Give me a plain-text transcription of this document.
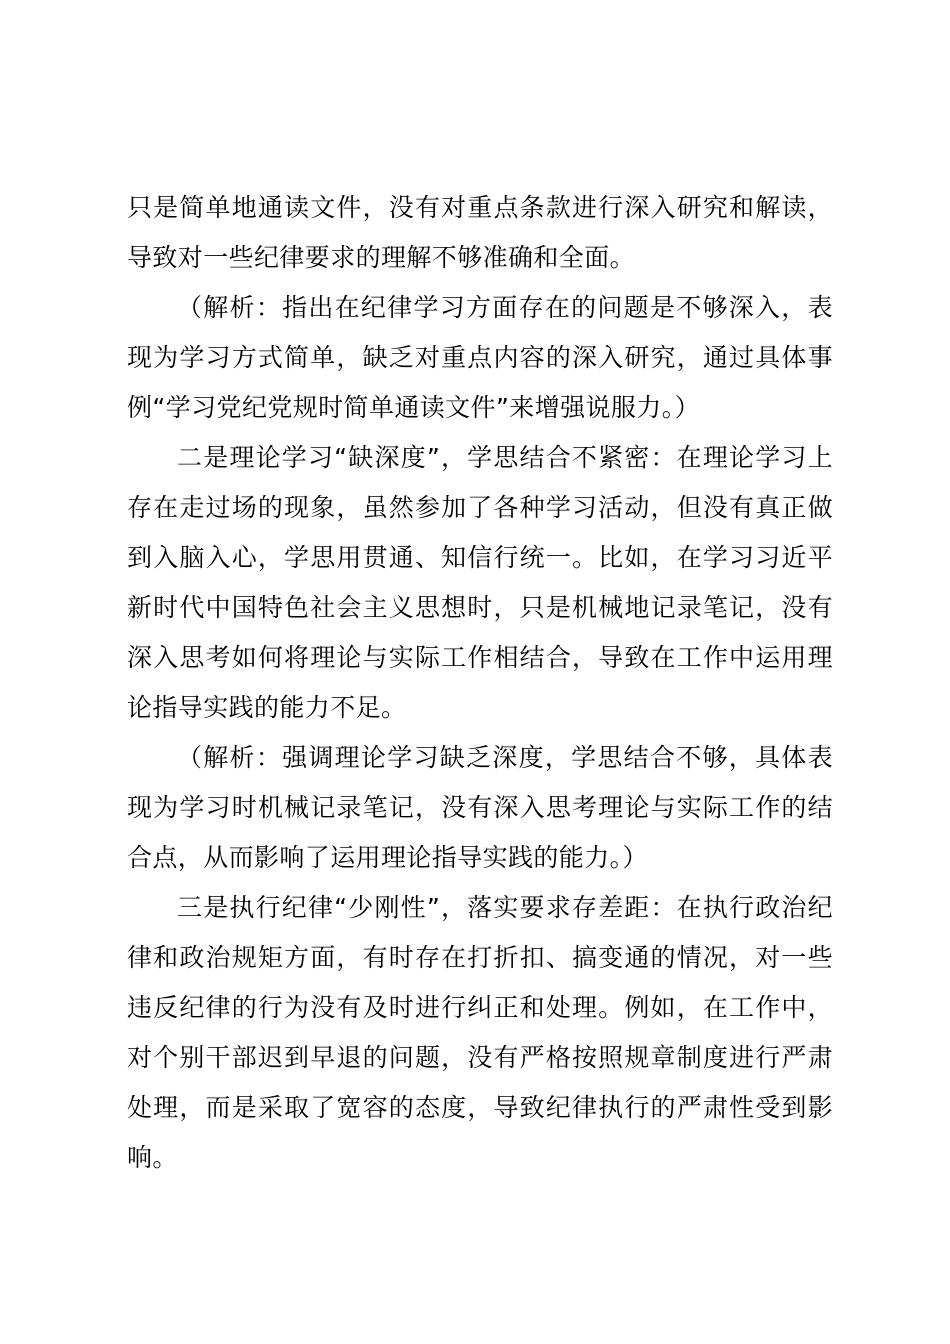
只是简单地通读文件，没有对重点条款进行深入研究和解读，导致对一些纪律要求的理解不够准确和全面。

（解析：指出在纪律学习方面存在的问题是不够深入，表现为学习方式简单，缺乏对重点内容的深入研究，通过具体事例“学习党纪党规时简单通读文件”来增强说服力。）

二是理论学习“缺深度”，学思结合不紧密：在理论学习上存在走过场的现象，虽然参加了各种学习活动，但没有真正做到入脑入心，学思用贯通、知信行统一。比如，在学习习近平新时代中国特色社会主义思想时，只是机械地记录笔记，没有深入思考如何将理论与实际工作相结合，导致在工作中运用理论指导实践的能力不足。

（解析：强调理论学习缺乏深度，学思结合不够，具体表现为学习时机械记录笔记，没有深入思考理论与实际工作的结合点，从而影响了运用理论指导实践的能力。）

三是执行纪律“少刚性”，落实要求存差距：在执行政治纪律和政治规矩方面，有时存在打折扣、搞变通的情况，对一些违反纪律的行为没有及时进行纠正和处理。例如，在工作中，对个别干部迟到早退的问题，没有严格按照规章制度进行严肃处理，而是采取了宽容的态度，导致纪律执行的严肃性受到影响。
